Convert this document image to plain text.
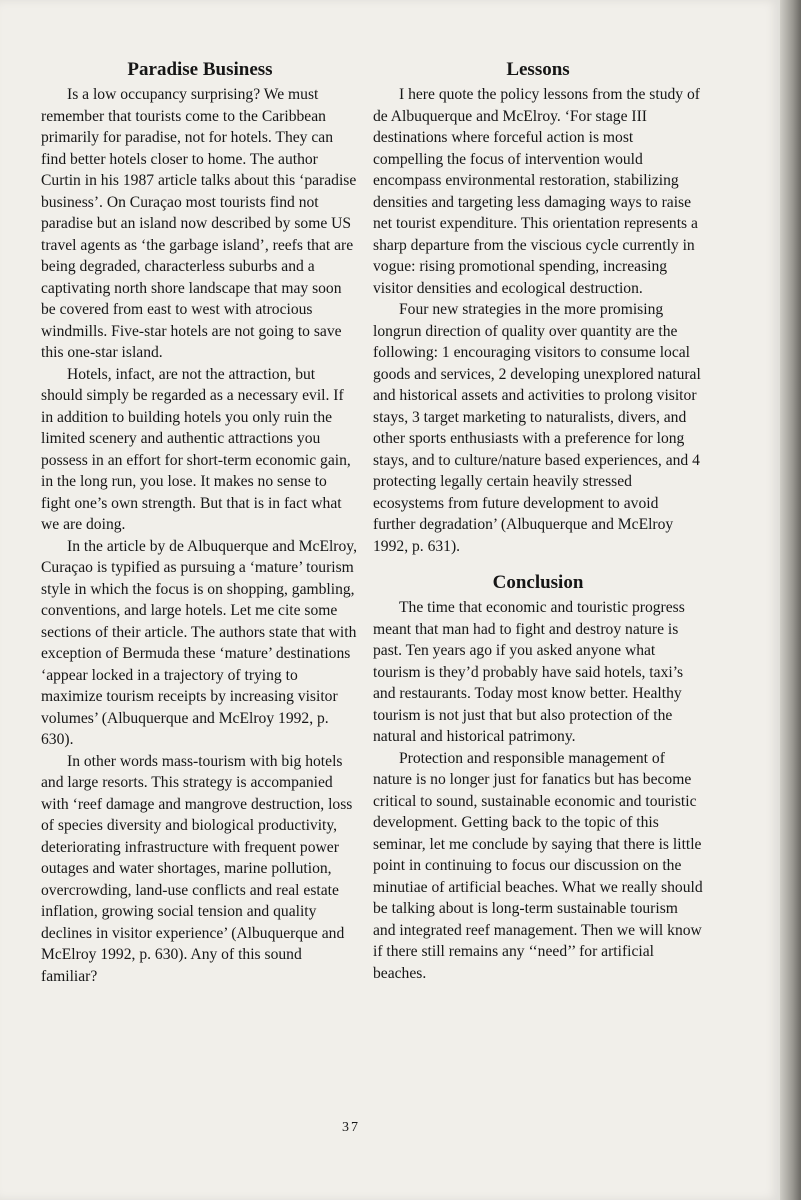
Paradise Business

Is a low occupancy surprising? We must remember that tourists come to the Caribbean primarily for paradise, not for hotels. They can find better hotels closer to home. The author Curtin in his 1987 article talks about this ‘paradise business’. On Curaçao most tourists find not paradise but an island now described by some US travel agents as ‘the garbage island’, reefs that are being degraded, characterless suburbs and a captivating north shore landscape that may soon be covered from east to west with atrocious windmills. Five-star hotels are not going to save this one-star island.

Hotels, infact, are not the attraction, but should simply be regarded as a necessary evil. If in addition to building hotels you only ruin the limited scenery and authentic attractions you possess in an effort for short-term economic gain, in the long run, you lose. It makes no sense to fight one’s own strength. But that is in fact what we are doing.

In the article by de Albuquerque and McElroy, Curaçao is typified as pursuing a ‘mature’ tourism style in which the focus is on shopping, gambling, conventions, and large hotels. Let me cite some sections of their article. The authors state that with exception of Bermuda these ‘mature’ destinations ‘appear locked in a trajectory of trying to maximize tourism receipts by increasing visitor volumes’ (Albuquerque and McElroy 1992, p. 630).

In other words mass-tourism with big hotels and large resorts. This strategy is accompanied with ‘reef damage and mangrove destruction, loss of species diversity and biological productivity, deteriorating infrastructure with frequent power outages and water shortages, marine pollution, overcrowding, land-use conflicts and real estate inflation, growing social tension and quality declines in visitor experience’ (Albuquerque and McElroy 1992, p. 630). Any of this sound familiar?

Lessons

I here quote the policy lessons from the study of de Albuquerque and McElroy. ‘For stage III destinations where forceful action is most compelling the focus of intervention would encompass environmental restoration, stabilizing densities and targeting less damaging ways to raise net tourist expenditure. This orientation represents a sharp departure from the viscious cycle currently in vogue: rising promotional spending, increasing visitor densities and ecological destruction.

Four new strategies in the more promising longrun direction of quality over quantity are the following: 1 encouraging visitors to consume local goods and services, 2 developing unexplored natural and historical assets and activities to prolong visitor stays, 3 target marketing to naturalists, divers, and other sports enthusiasts with a preference for long stays, and to culture/nature based experiences, and 4 protecting legally certain heavily stressed ecosystems from future development to avoid further degradation’ (Albuquerque and McElroy 1992, p. 631).

Conclusion

The time that economic and touristic progress meant that man had to fight and destroy nature is past. Ten years ago if you asked anyone what tourism is they’d probably have said hotels, taxi’s and restaurants. Today most know better. Healthy tourism is not just that but also protection of the natural and historical patrimony.

Protection and responsible management of nature is no longer just for fanatics but has become critical to sound, sustainable economic and touristic development. Getting back to the topic of this seminar, let me conclude by saying that there is little point in continuing to focus our discussion on the minutiae of artificial beaches. What we really should be talking about is long-term sustainable tourism and integrated reef management. Then we will know if there still remains any ‘‘need’’ for artificial beaches.

37
